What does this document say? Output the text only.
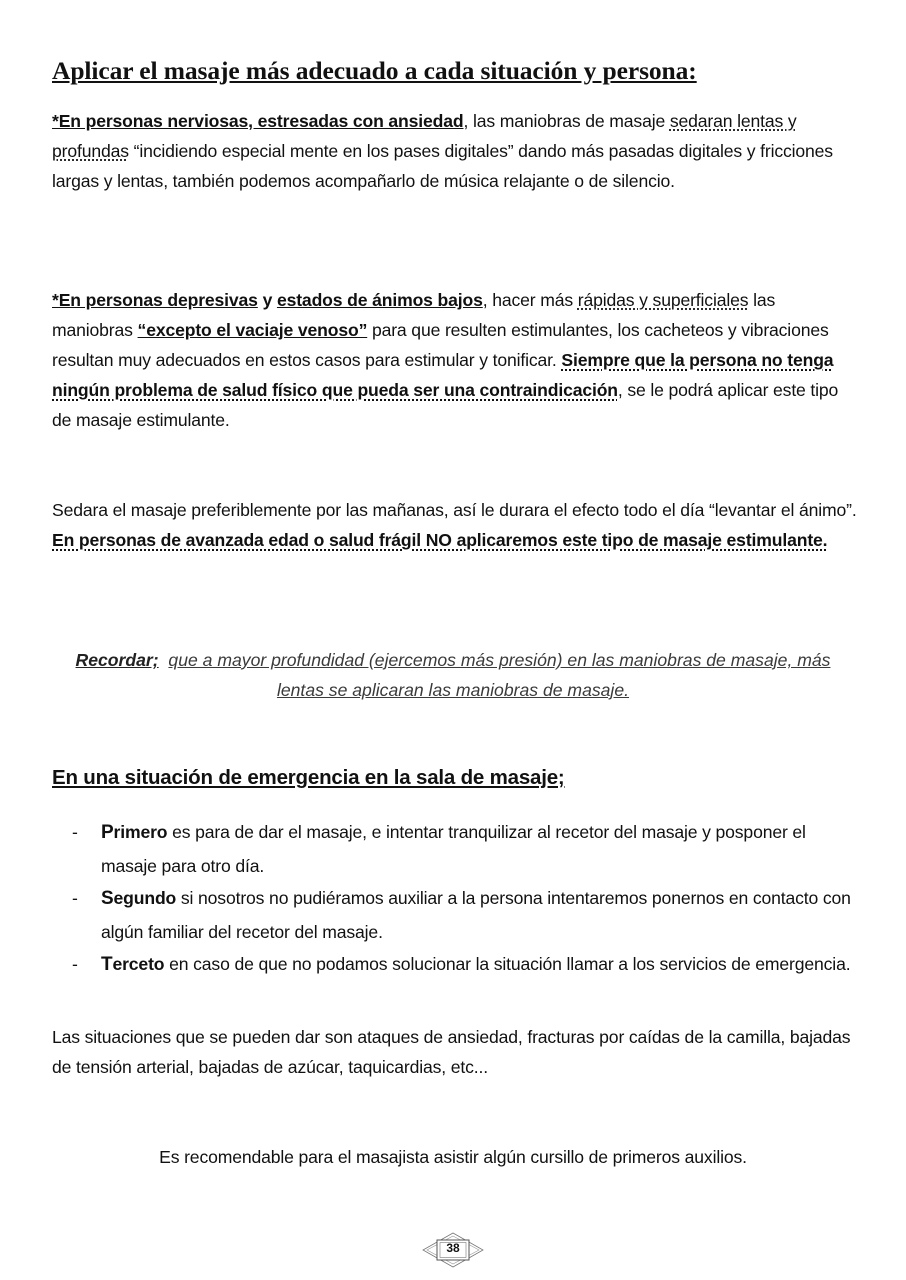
Aplicar el masaje más adecuado a cada situación y persona:

*En personas nerviosas, estresadas con ansiedad, las maniobras de masaje sedaran lentas y profundas “incidiendo especial mente en los pases digitales” dando más pasadas digitales y fricciones largas y lentas, también podemos acompañarlo de música relajante o de silencio.

*En personas depresivas y estados de ánimos bajos, hacer más rápidas y superficiales las maniobras “excepto el vaciaje venoso” para que resulten estimulantes, los cacheteos y vibraciones resultan muy adecuados en estos casos para estimular y tonificar. Siempre que la persona no tenga ningún problema de salud físico que pueda ser una contraindicación, se le podrá aplicar este tipo de masaje estimulante.

Sedara el masaje preferiblemente por las mañanas, así le durara el efecto todo el día “levantar el ánimo”. En personas de avanzada edad o salud frágil NO aplicaremos este tipo de masaje estimulante.

Recordar; que a mayor profundidad (ejercemos más presión) en las maniobras de masaje, más lentas se aplicaran las maniobras de masaje.

En una situación de emergencia en la sala de masaje;
- Primero es para de dar el masaje, e intentar tranquilizar al recetor del masaje y posponer el masaje para otro día.
- Segundo si nosotros no pudiéramos auxiliar a la persona intentaremos ponernos en contacto con algún familiar del recetor del masaje.
- Terceto en caso de que no podamos solucionar la situación llamar a los servicios de emergencia.

Las situaciones que se pueden dar son ataques de ansiedad, fracturas por caídas de la camilla, bajadas de tensión arterial, bajadas de azúcar, taquicardias, etc...

Es recomendable para el masajista asistir algún cursillo de primeros auxilios.

38
